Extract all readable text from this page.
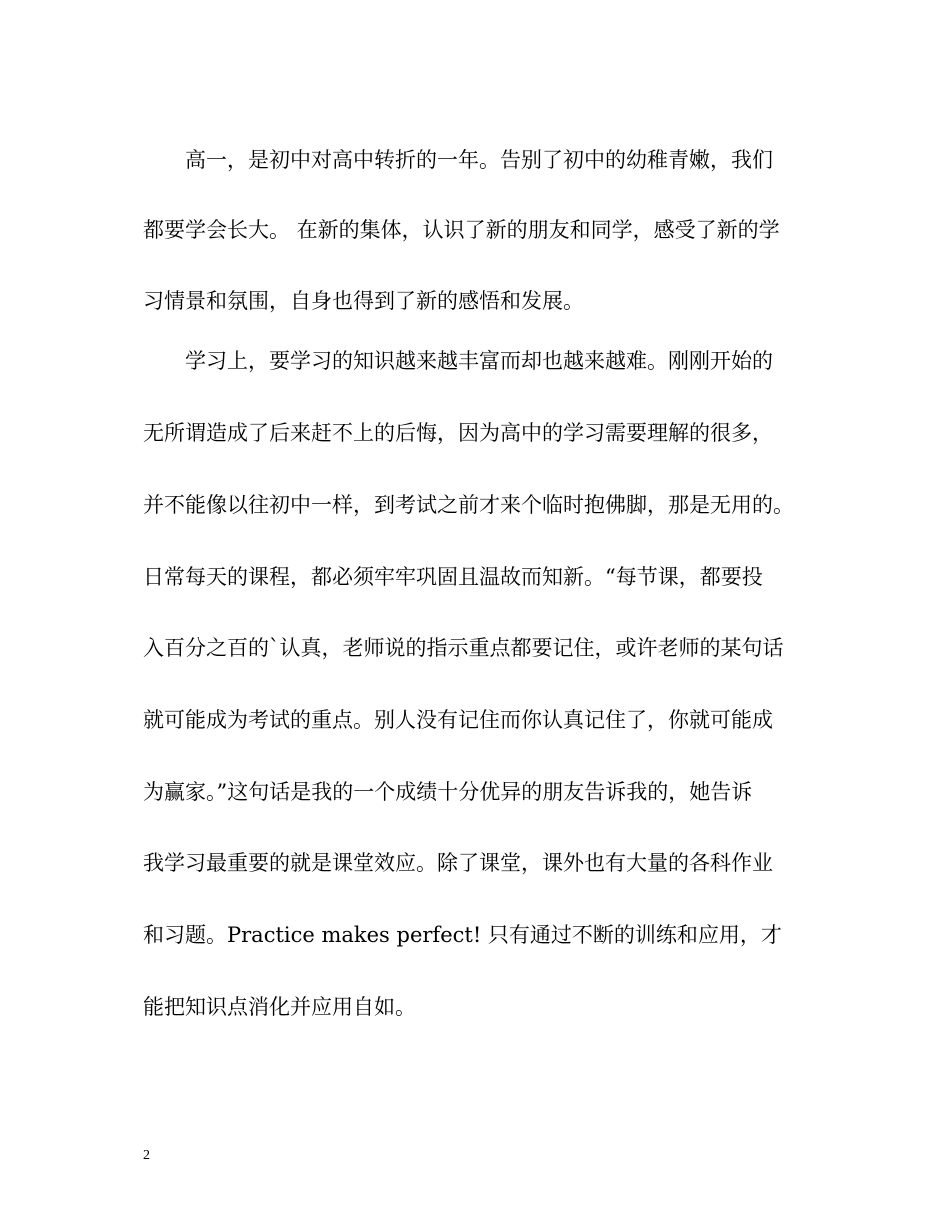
高一，是初中对高中转折的一年。告别了初中的幼稚青嫩，我们
都要学会长大。 在新的集体，认识了新的朋友和同学，感受了新的学
习情景和氛围，自身也得到了新的感悟和发展。
学习上，要学习的知识越来越丰富而却也越来越难。刚刚开始的
无所谓造成了后来赶不上的后悔，因为高中的学习需要理解的很多，
并不能像以往初中一样，到考试之前才来个临时抱佛脚，那是无用的。
日常每天的课程，都必须牢牢巩固且温故而知新。“每节课，都要投
入百分之百的`认真，老师说的指示重点都要记住，或许老师的某句话
就可能成为考试的重点。别人没有记住而你认真记住了，你就可能成
为赢家。”这句话是我的一个成绩十分优异的朋友告诉我的，她告诉
我学习最重要的就是课堂效应。除了课堂，课外也有大量的各科作业
和习题。Practice makes perfect! 只有通过不断的训练和应用，才
能把知识点消化并应用自如。
2
